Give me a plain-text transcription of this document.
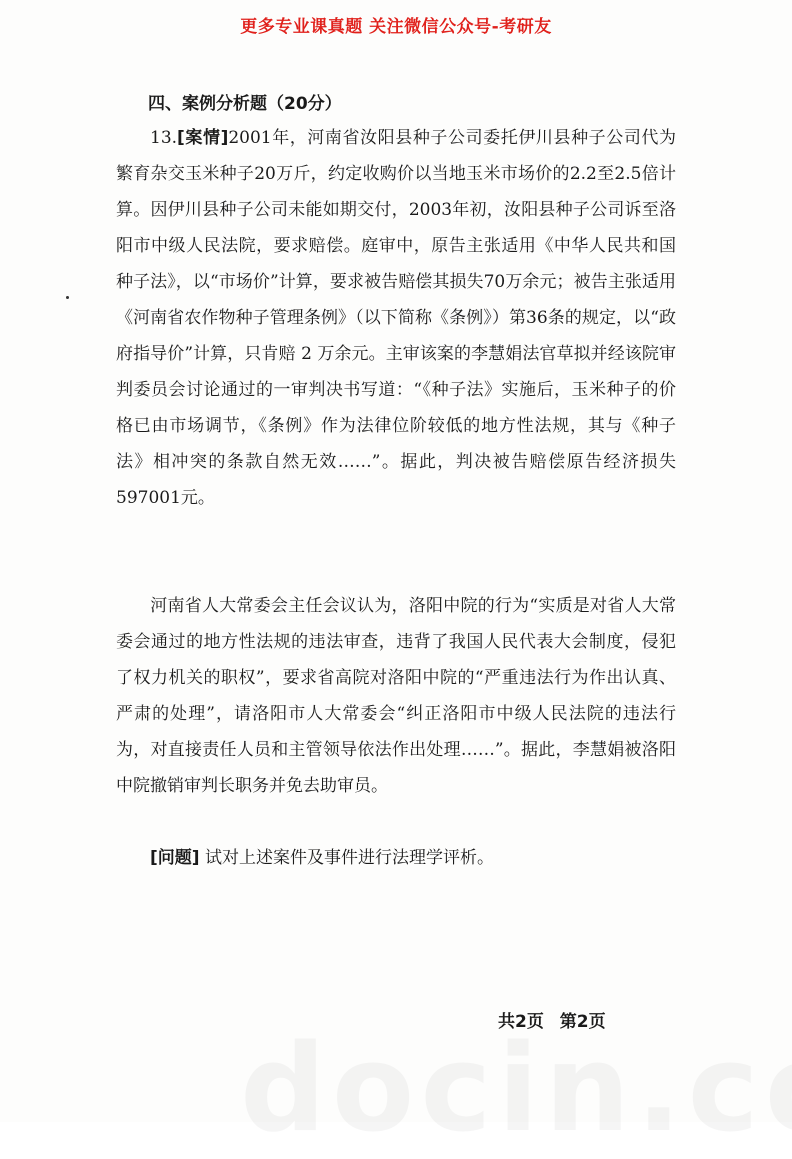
更多专业课真题 关注微信公众号-考研友
四、案例分析题（20分）
13.[案情]2001年，河南省汝阳县种子公司委托伊川县种子公司代为繁育杂交玉米种子20万斤，约定收购价以当地玉米市场价的2.2至2.5倍计算。因伊川县种子公司未能如期交付，2003年初，汝阳县种子公司诉至洛阳市中级人民法院，要求赔偿。庭审中，原告主张适用《中华人民共和国种子法》，以“市场价”计算，要求被告赔偿其损失70万余元；被告主张适用《河南省农作物种子管理条例》（以下简称《条例》）第36条的规定，以“政府指导价”计算，只肯赔 2 万余元。主审该案的李慧娟法官草拟并经该院审判委员会讨论通过的一审判决书写道：“《种子法》实施后，玉米种子的价格已由市场调节，《条例》作为法律位阶较低的地方性法规，其与《种子法》相冲突的条款自然无效……”。据此，判决被告赔偿原告经济损失597001元。
河南省人大常委会主任会议认为，洛阳中院的行为“实质是对省人大常委会通过的地方性法规的违法审查，违背了我国人民代表大会制度，侵犯了权力机关的职权”，要求省高院对洛阳中院的“严重违法行为作出认真、严肃的处理”，请洛阳市人大常委会“纠正洛阳市中级人民法院的违法行为，对直接责任人员和主管领导依法作出处理……”。据此，李慧娟被洛阳中院撤销审判长职务并免去助审员。
[问题] 试对上述案件及事件进行法理学评析。
共2页 第2页
